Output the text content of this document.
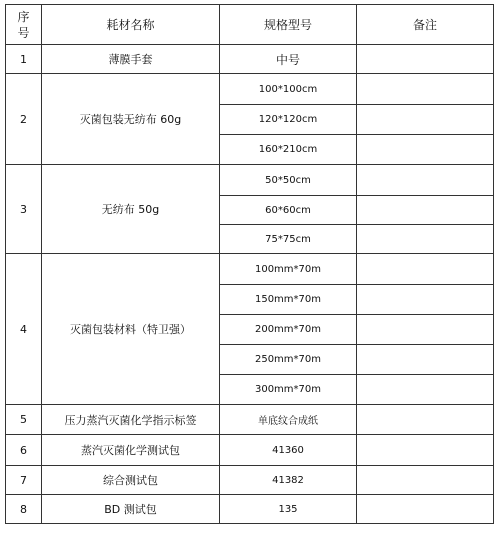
序
号	耗材名称	规格型号	备注
1	薄膜手套	中号	
2	灭菌包装无纺布 60g	100*100cm	
		120*120cm	
		160*210cm	
3	无纺布 50g	50*50cm	
		60*60cm	
		75*75cm	
4	灭菌包装材料（特卫强）	100mm*70m	
		150mm*70m	
		200mm*70m	
		250mm*70m	
		300mm*70m	
5	压力蒸汽灭菌化学指示标签	单底纹合成纸	
6	蒸汽灭菌化学测试包	41360	
7	综合测试包	41382	
8	BD 测试包	135	
